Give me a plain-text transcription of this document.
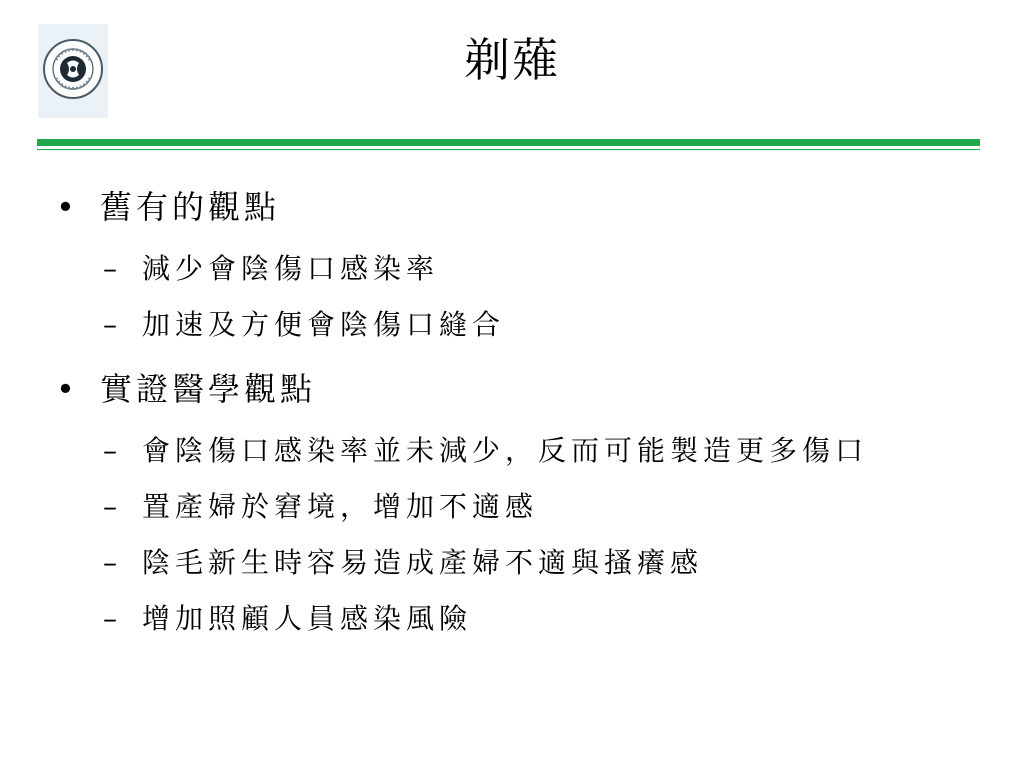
剃薙
• 舊有的觀點
– 減少會陰傷口感染率
– 加速及方便會陰傷口縫合
• 實證醫學觀點
– 會陰傷口感染率並未減少，反而可能製造更多傷口
– 置產婦於窘境，增加不適感
– 陰毛新生時容易造成產婦不適與搔癢感
– 增加照顧人員感染風險
